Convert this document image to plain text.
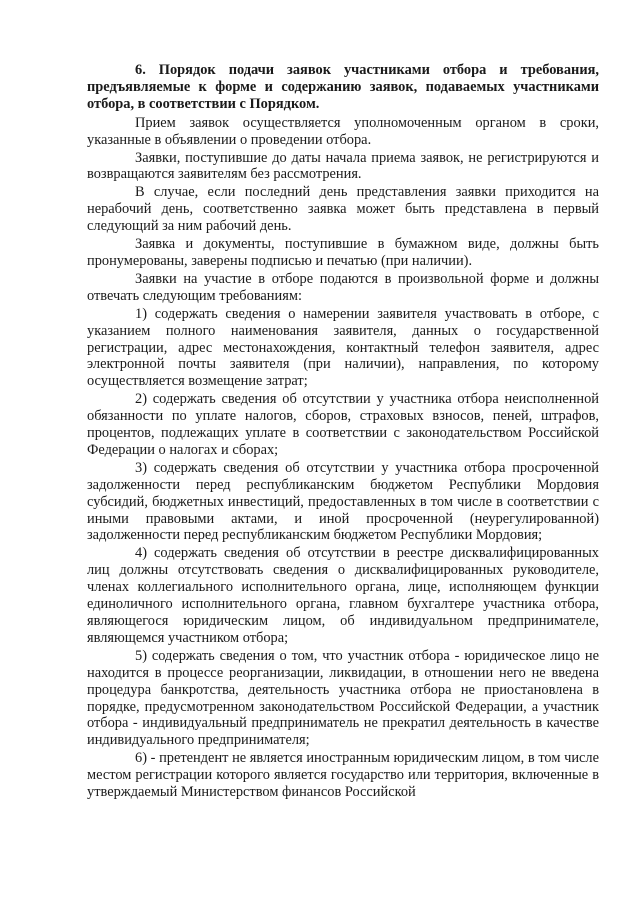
6. Порядок подачи заявок участниками отбора и требования, предъявляемые к форме и содержанию заявок, подаваемых участниками отбора, в соответствии с Порядком.

Прием заявок осуществляется уполномоченным органом в сроки, указанные в объявлении о проведении отбора.

Заявки, поступившие до даты начала приема заявок, не регистрируются и возвращаются заявителям без рассмотрения.

В случае, если последний день представления заявки приходится на нерабочий день, соответственно заявка может быть представлена в первый следующий за ним рабочий день.

Заявка и документы, поступившие в бумажном виде, должны быть пронумерованы, заверены подписью и печатью (при наличии).

Заявки на участие в отборе подаются в произвольной форме и должны отвечать следующим требованиям:

1) содержать сведения о намерении заявителя участвовать в отборе, с указанием полного наименования заявителя, данных о государственной регистрации, адрес местонахождения, контактный телефон заявителя, адрес электронной почты заявителя (при наличии), направления, по которому осуществляется возмещение затрат;

2) содержать сведения об отсутствии у участника отбора неисполненной обязанности по уплате налогов, сборов, страховых взносов, пеней, штрафов, процентов, подлежащих уплате в соответствии с законодательством Российской Федерации о налогах и сборах;

3) содержать сведения об отсутствии у участника отбора просроченной задолженности перед республиканским бюджетом Республики Мордовия субсидий, бюджетных инвестиций, предоставленных в том числе в соответствии с иными правовыми актами, и иной просроченной (неурегулированной) задолженности перед республиканским бюджетом Республики Мордовия;

4) содержать сведения об отсутствии в реестре дисквалифицированных лиц должны отсутствовать сведения о дисквалифицированных руководителе, членах коллегиального исполнительного органа, лице, исполняющем функции единоличного исполнительного органа, главном бухгалтере участника отбора, являющегося юридическим лицом, об индивидуальном предпринимателе, являющемся участником отбора;

5) содержать сведения о том, что участник отбора - юридическое лицо не находится в процессе реорганизации, ликвидации, в отношении него не введена процедура банкротства, деятельность участника отбора не приостановлена в порядке, предусмотренном законодательством Российской Федерации, а участник отбора - индивидуальный предприниматель не прекратил деятельность в качестве индивидуального предпринимателя;

6) - претендент не является иностранным юридическим лицом, в том числе местом регистрации которого является государство или территория, включенные в утверждаемый Министерством финансов Российской
